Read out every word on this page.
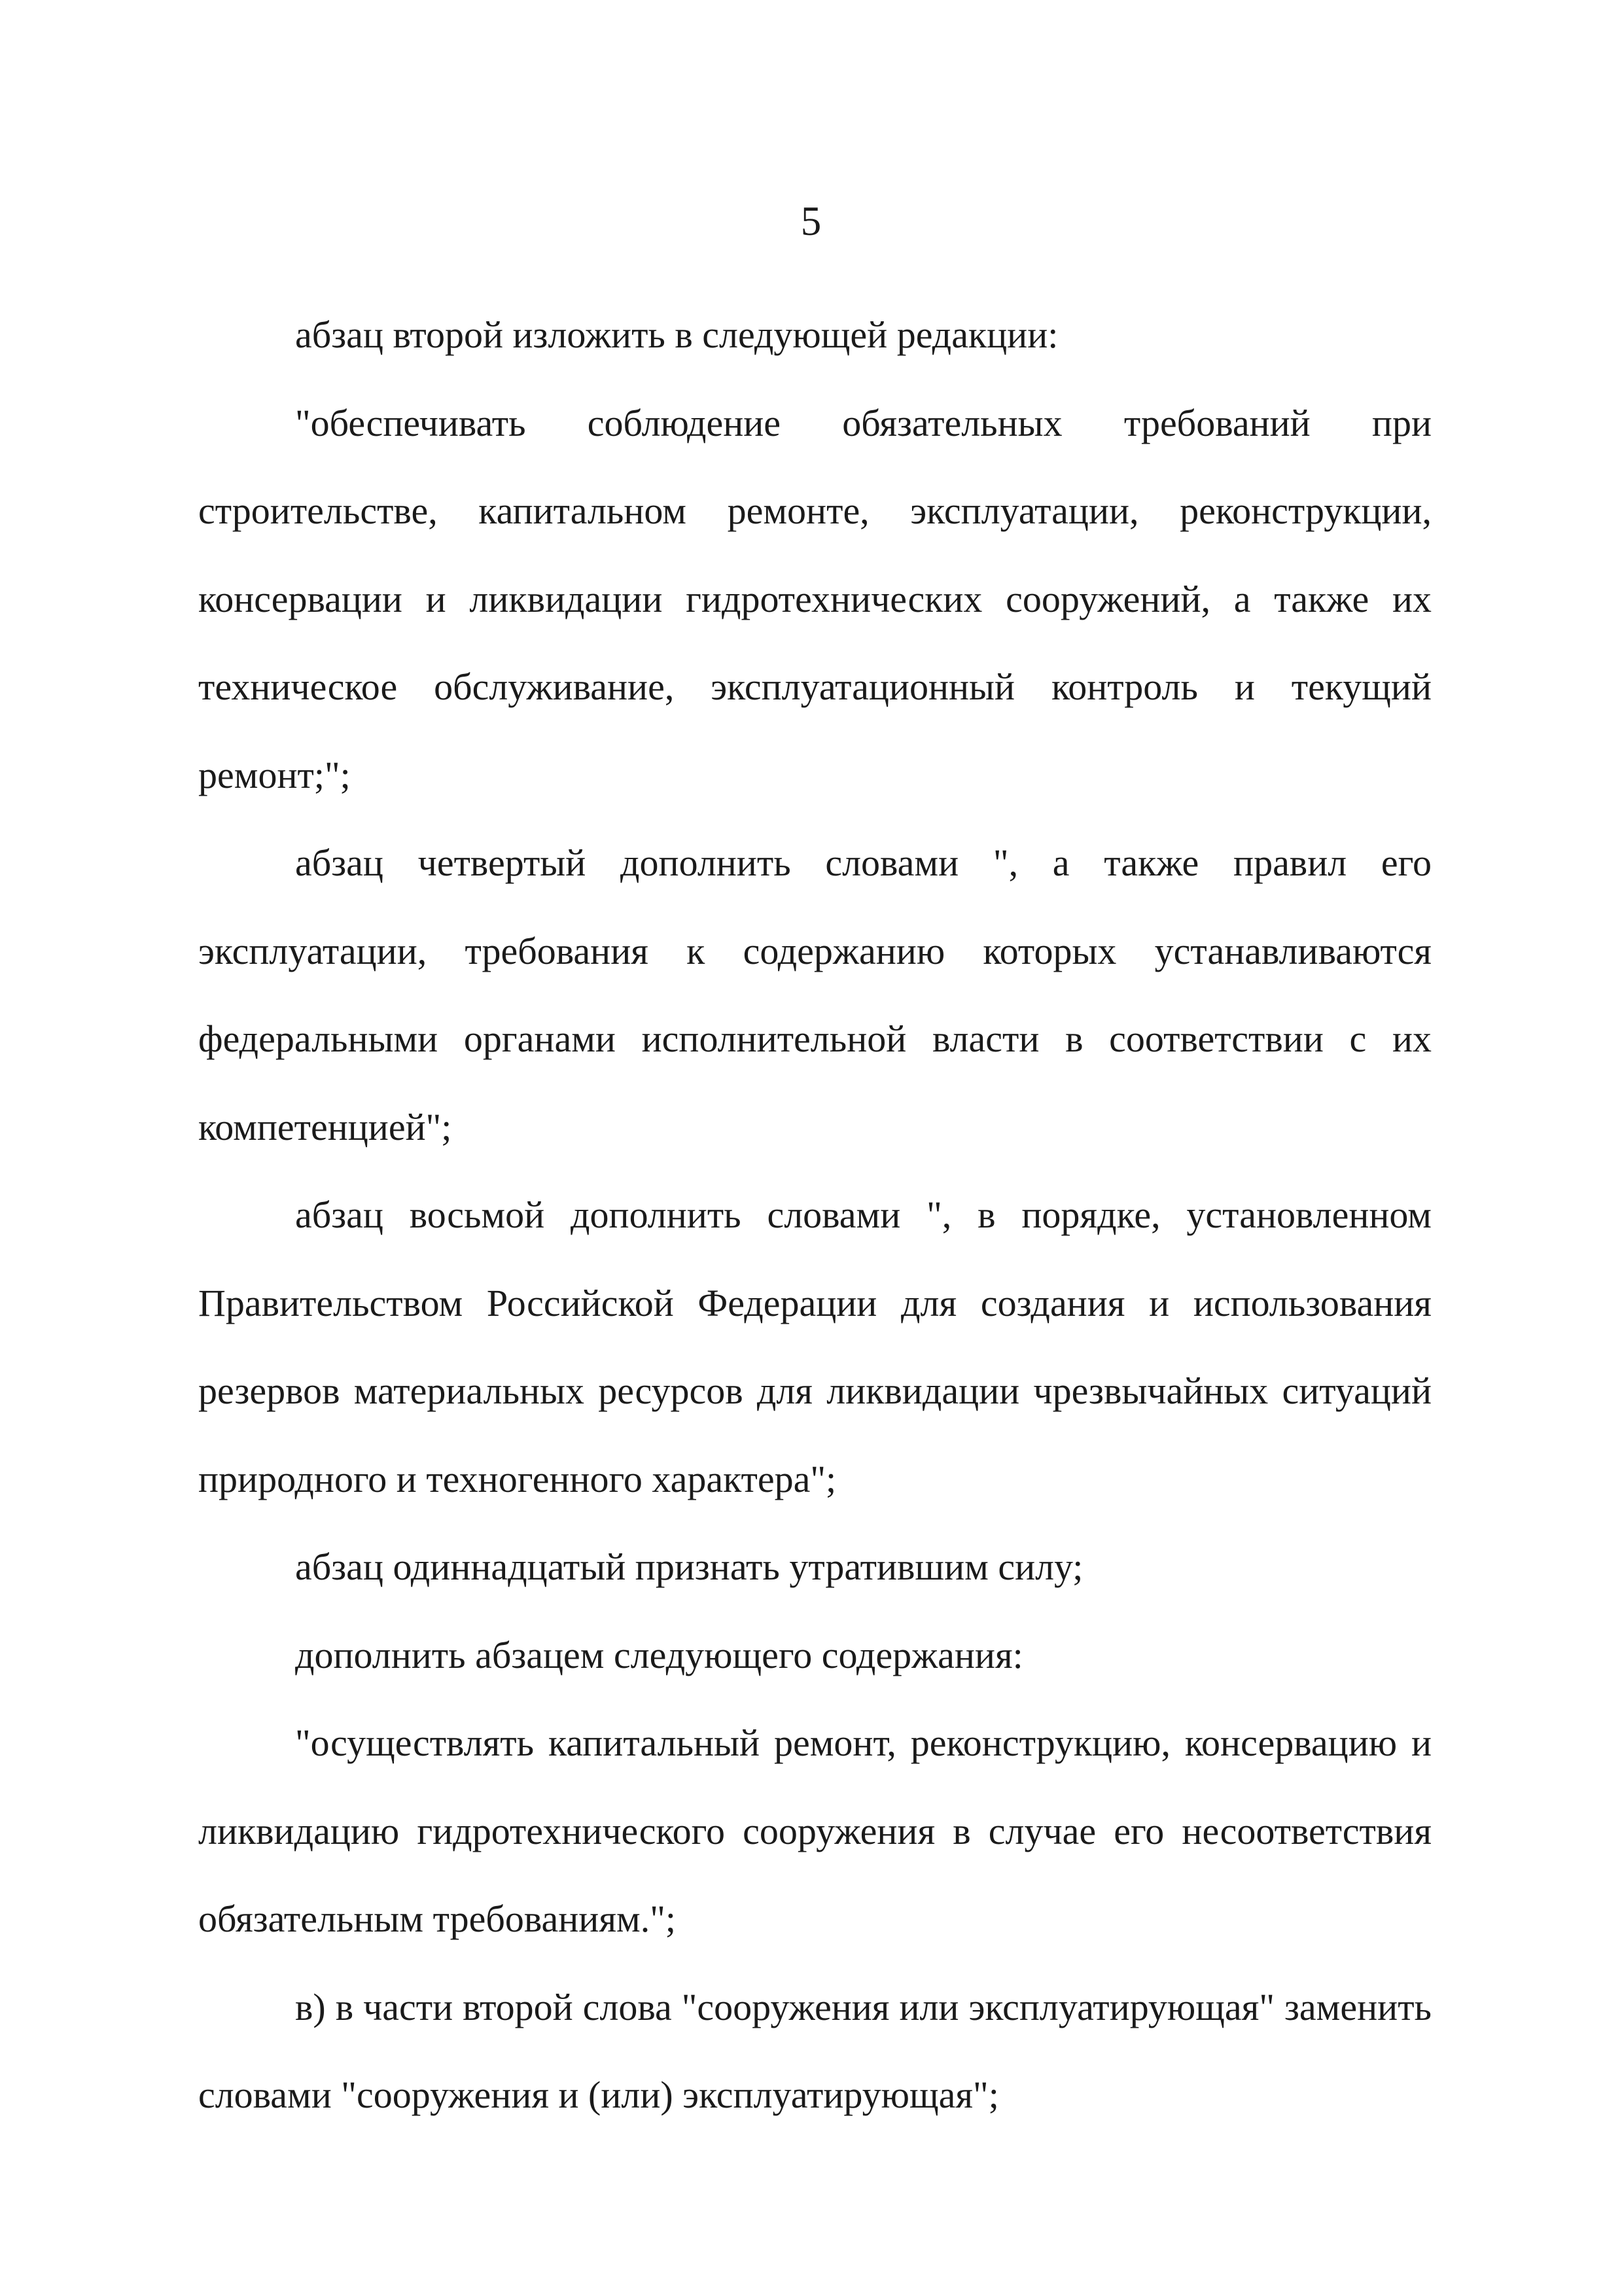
5

абзац второй изложить в следующей редакции:

"обеспечивать соблюдение обязательных требований при строительстве, капитальном ремонте, эксплуатации, реконструкции, консервации и ликвидации гидротехнических сооружений, а также их техническое обслуживание, эксплуатационный контроль и текущий ремонт;";

абзац четвертый дополнить словами ", а также правил его эксплуатации, требования к содержанию которых устанавливаются федеральными органами исполнительной власти в соответствии с их компетенцией";

абзац восьмой дополнить словами ", в порядке, установленном Правительством Российской Федерации для создания и использования резервов материальных ресурсов для ликвидации чрезвычайных ситуаций природного и техногенного характера";

абзац одиннадцатый признать утратившим силу;

дополнить абзацем следующего содержания:

"осуществлять капитальный ремонт, реконструкцию, консервацию и ликвидацию гидротехнического сооружения в случае его несоответствия обязательным требованиям.";

в) в части второй слова "сооружения или эксплуатирующая" заменить словами "сооружения и (или) эксплуатирующая";
